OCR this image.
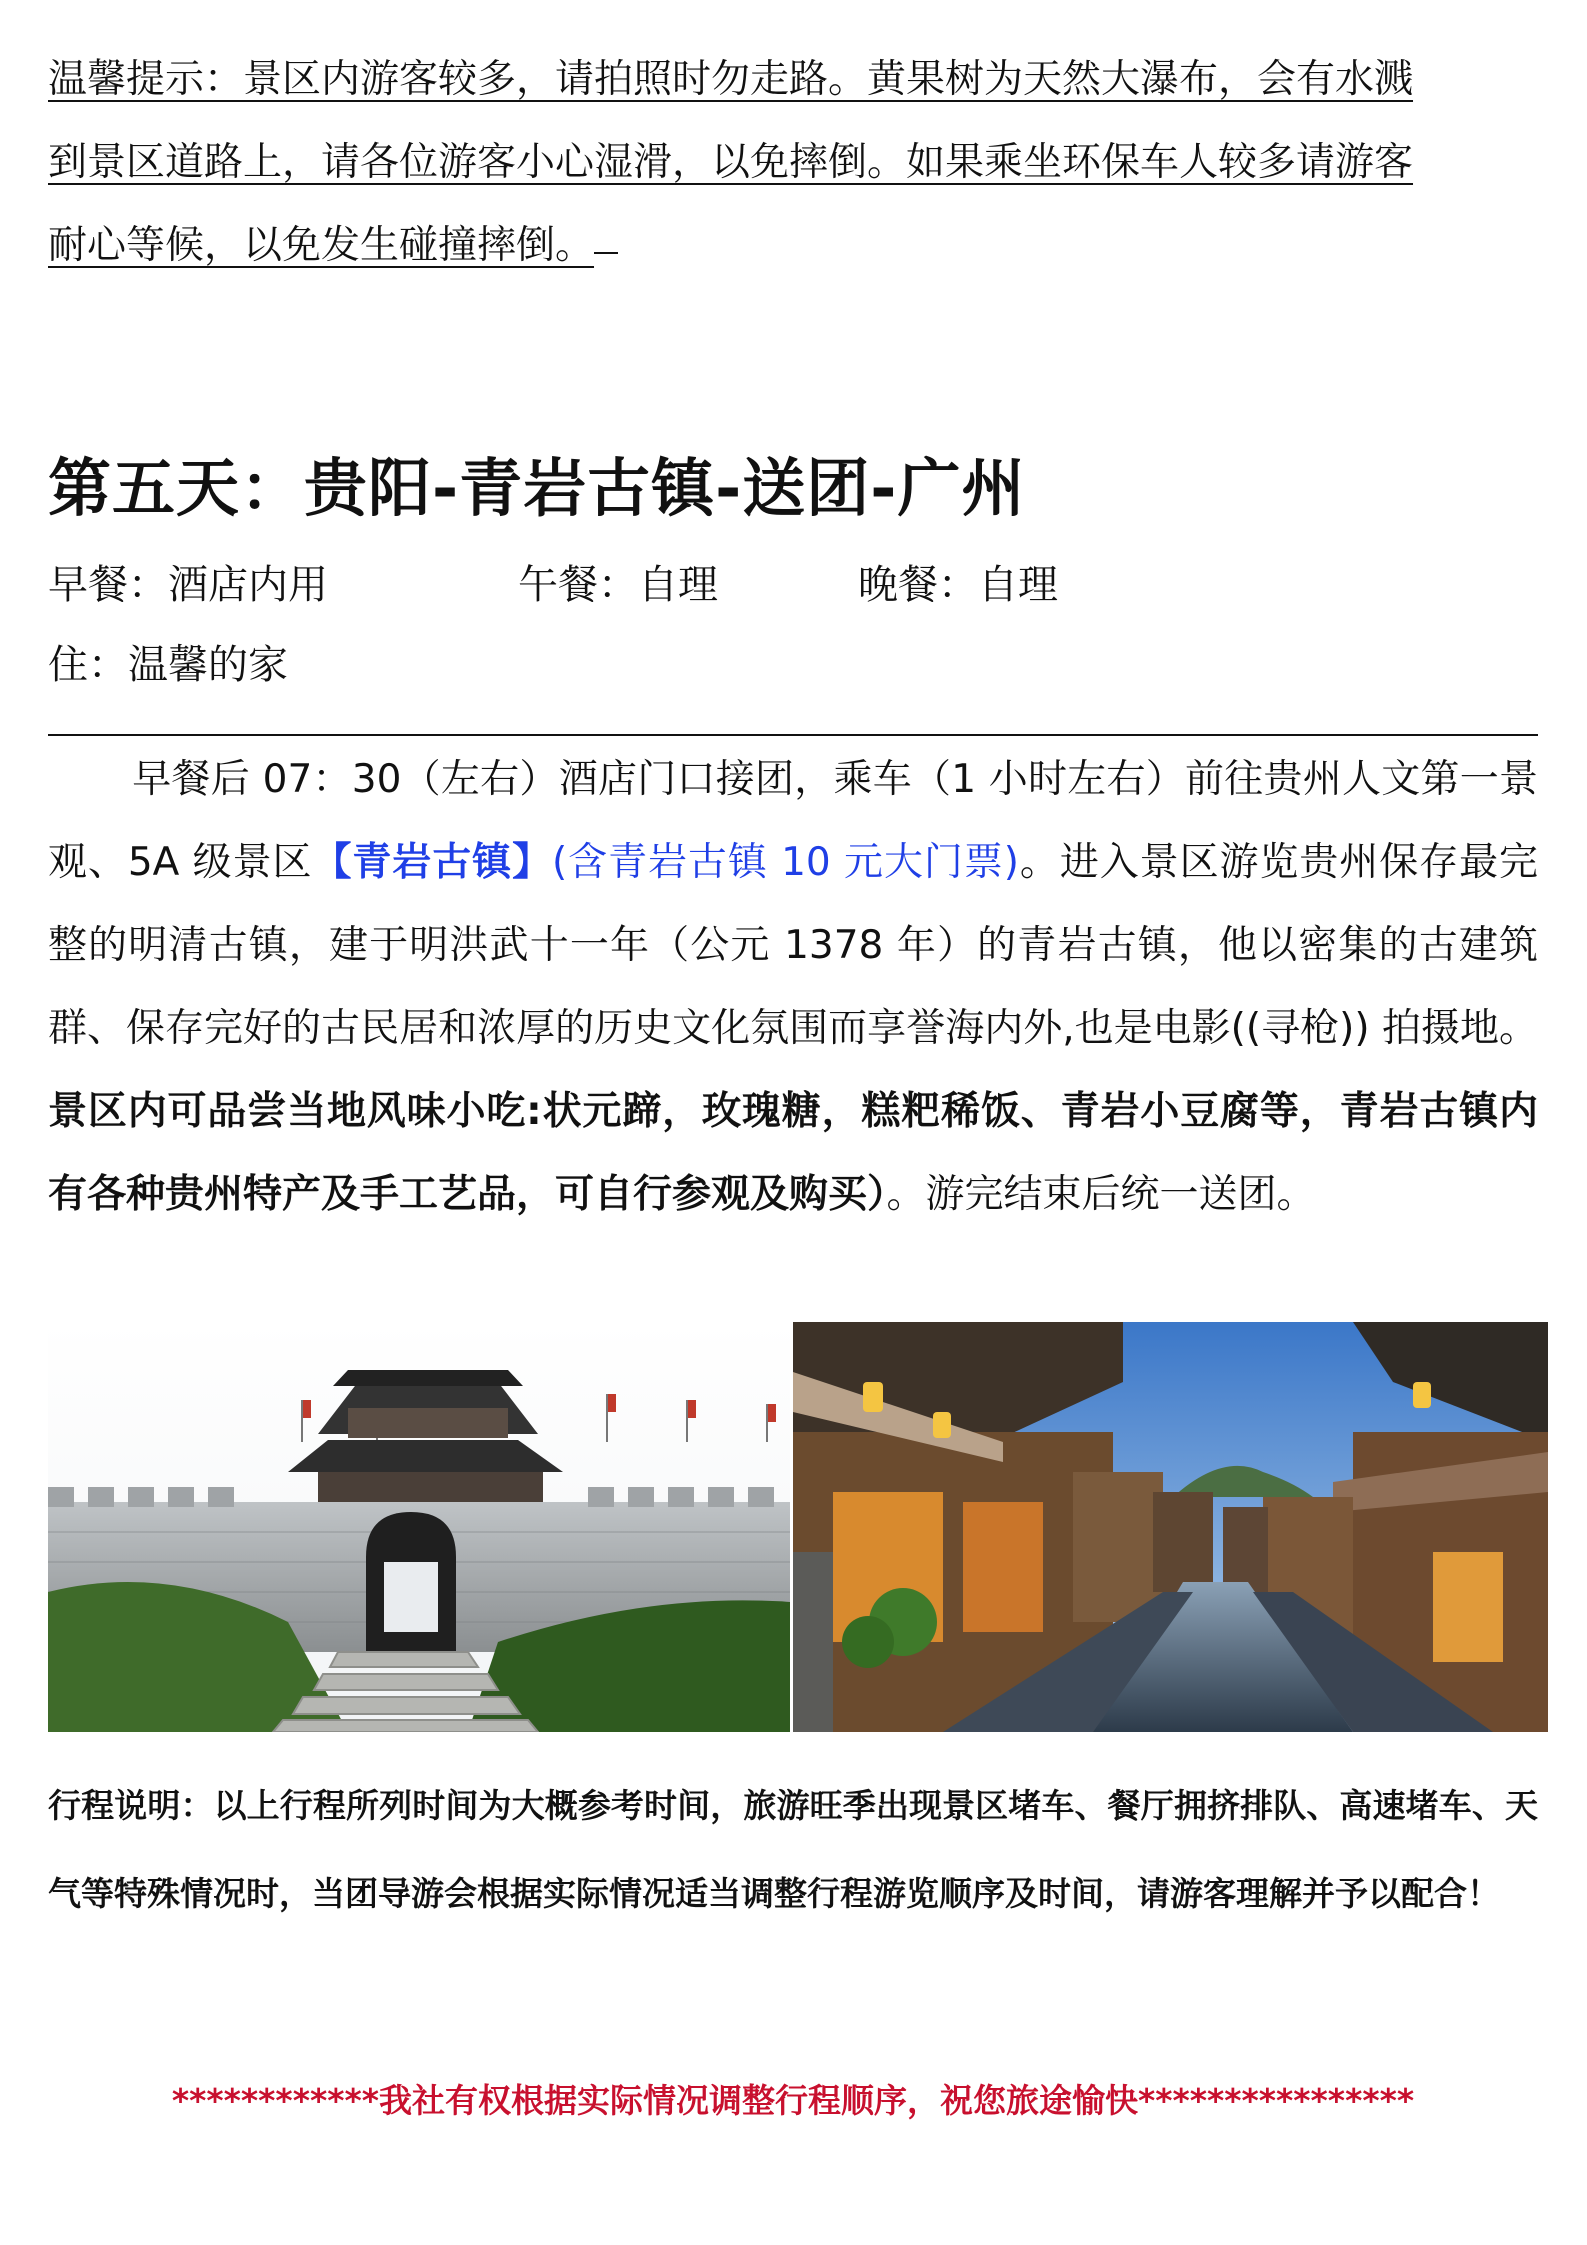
温馨提示：景区内游客较多，请拍照时勿走路。黄果树为天然大瀑布，会有水溅
到景区道路上，请各位游客小心湿滑，以免摔倒。如果乘坐环保车人较多请游客
耐心等候，以免发生碰撞摔倒。
第五天：贵阳-青岩古镇-送团-广州
早餐：酒店内用	午餐：自理	晚餐：自理
住：温馨的家
早餐后 07：30（左右）酒店门口接团，乘车（1 小时左右）前往贵州人文第一景观、5A 级景区【青岩古镇】(含青岩古镇 10 元大门票)。进入景区游览贵州保存最完整的明清古镇，建于明洪武十一年（公元 1378 年）的青岩古镇，他以密集的古建筑群、保存完好的古民居和浓厚的历史文化氛围而享誉海内外,也是电影((寻枪)) 拍摄地。景区内可品尝当地风味小吃:状元蹄，玫瑰糖，糕粑稀饭、青岩小豆腐等，青岩古镇内有各种贵州特产及手工艺品，可自行参观及购买）。游完结束后统一送团。
行程说明：以上行程所列时间为大概参考时间，旅游旺季出现景区堵车、餐厅拥挤排队、高速堵车、天气等特殊情况时，当团导游会根据实际情况适当调整行程游览顺序及时间，请游客理解并予以配合！
************我社有权根据实际情况调整行程顺序，祝您旅途愉快****************
